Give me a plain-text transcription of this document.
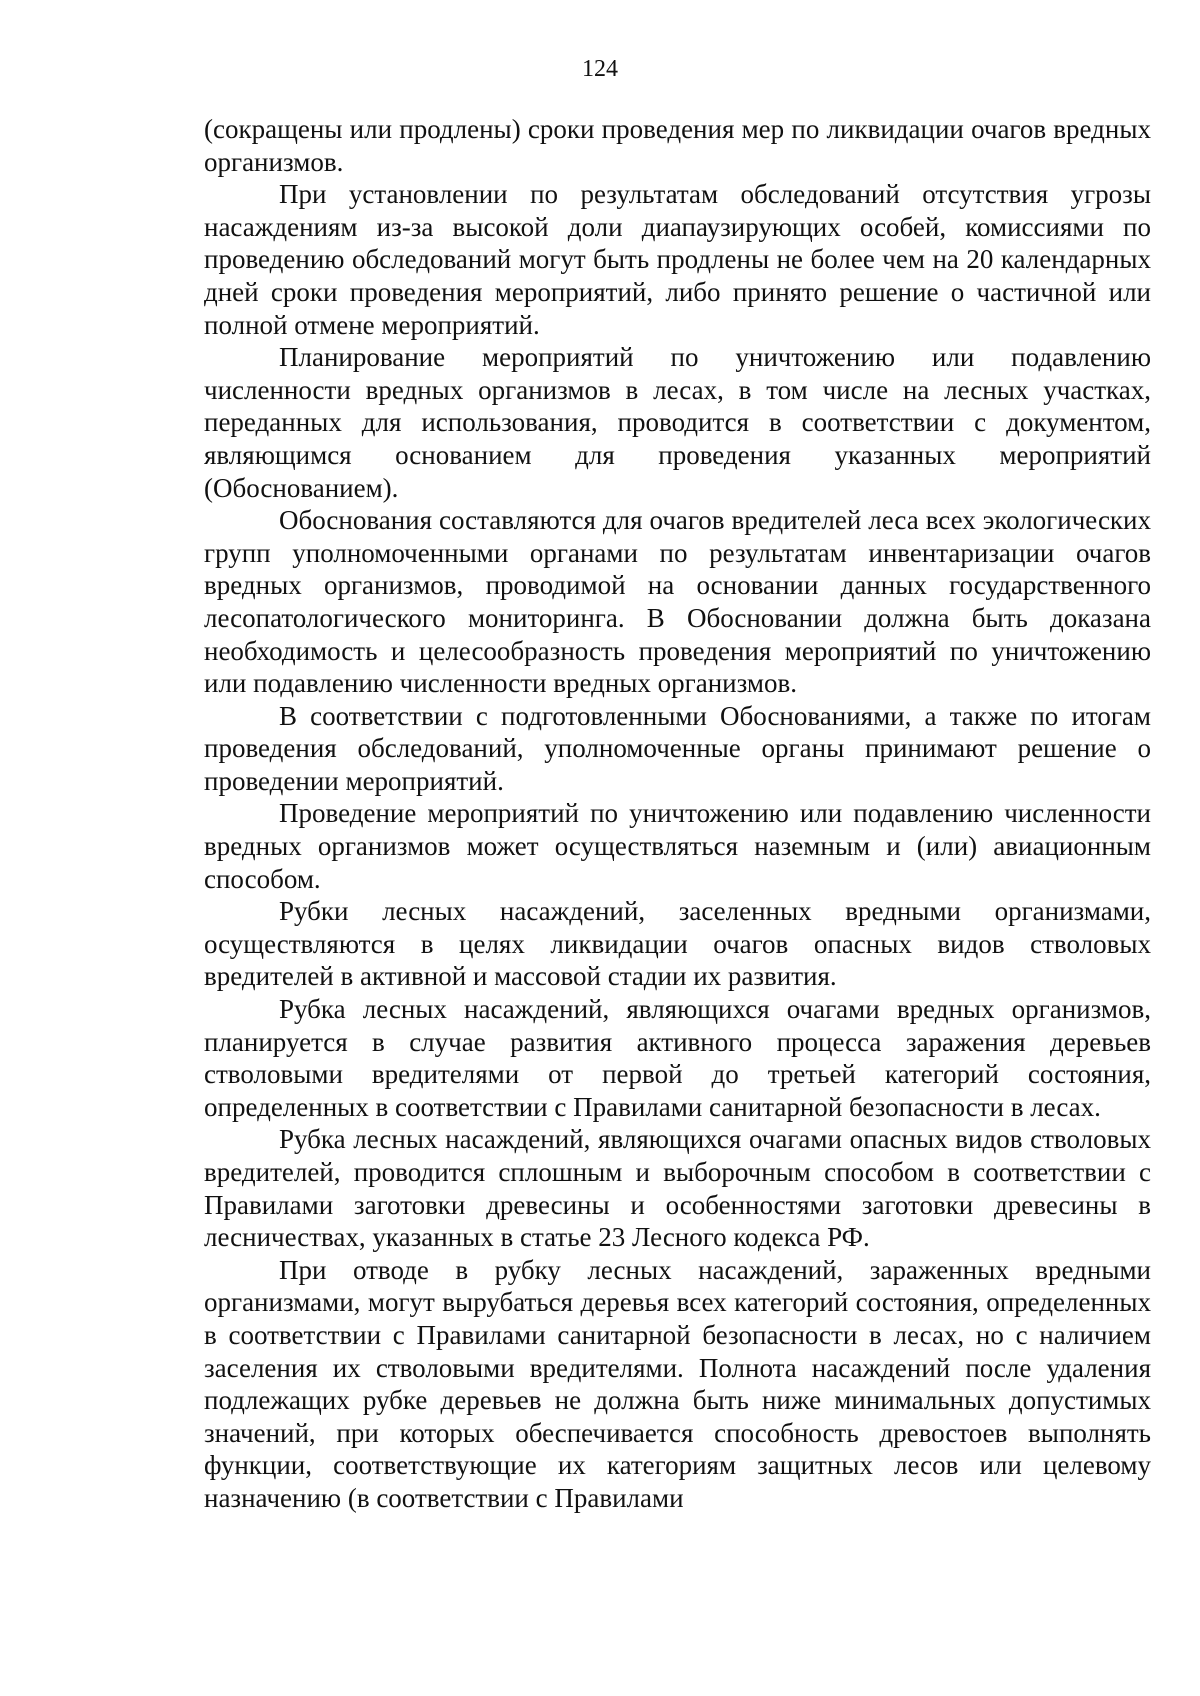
124

(сокращены или продлены) сроки проведения мер по ликвидации очагов вредных организмов.

При установлении по результатам обследований отсутствия угрозы насаждениям из-за высокой доли диапаузирующих особей, комиссиями по проведению обследований могут быть продлены не более чем на 20 календарных дней сроки проведения мероприятий, либо принято решение о частичной или полной отмене мероприятий.

Планирование мероприятий по уничтожению или подавлению численности вредных организмов в лесах, в том числе на лесных участках, переданных для использования, проводится в соответствии с документом, являющимся основанием для проведения указанных мероприятий (Обоснованием).

Обоснования составляются для очагов вредителей леса всех экологических групп уполномоченными органами по результатам инвентаризации очагов вредных организмов, проводимой на основании данных государственного лесопатологического мониторинга. В Обосновании должна быть доказана необходимость и целесообразность проведения мероприятий по уничтожению или подавлению численности вредных организмов.

В соответствии с подготовленными Обоснованиями, а также по итогам проведения обследований, уполномоченные органы принимают решение о проведении мероприятий.

Проведение мероприятий по уничтожению или подавлению численности вредных организмов может осуществляться наземным и (или) авиационным способом.

Рубки лесных насаждений, заселенных вредными организмами, осуществляются в целях ликвидации очагов опасных видов стволовых вредителей в активной и массовой стадии их развития.

Рубка лесных насаждений, являющихся очагами вредных организмов, планируется в случае развития активного процесса заражения деревьев стволовыми вредителями от первой до третьей категорий состояния, определенных в соответствии с Правилами санитарной безопасности в лесах.

Рубка лесных насаждений, являющихся очагами опасных видов стволовых вредителей, проводится сплошным и выборочным способом в соответствии с Правилами заготовки древесины и особенностями заготовки древесины в лесничествах, указанных в статье 23 Лесного кодекса РФ.

При отводе в рубку лесных насаждений, зараженных вредными организмами, могут вырубаться деревья всех категорий состояния, определенных в соответствии с Правилами санитарной безопасности в лесах, но с наличием заселения их стволовыми вредителями. Полнота насаждений после удаления подлежащих рубке деревьев не должна быть ниже минимальных допустимых значений, при которых обеспечивается способность древостоев выполнять функции, соответствующие их категориям защитных лесов или целевому назначению (в соответствии с Правилами
